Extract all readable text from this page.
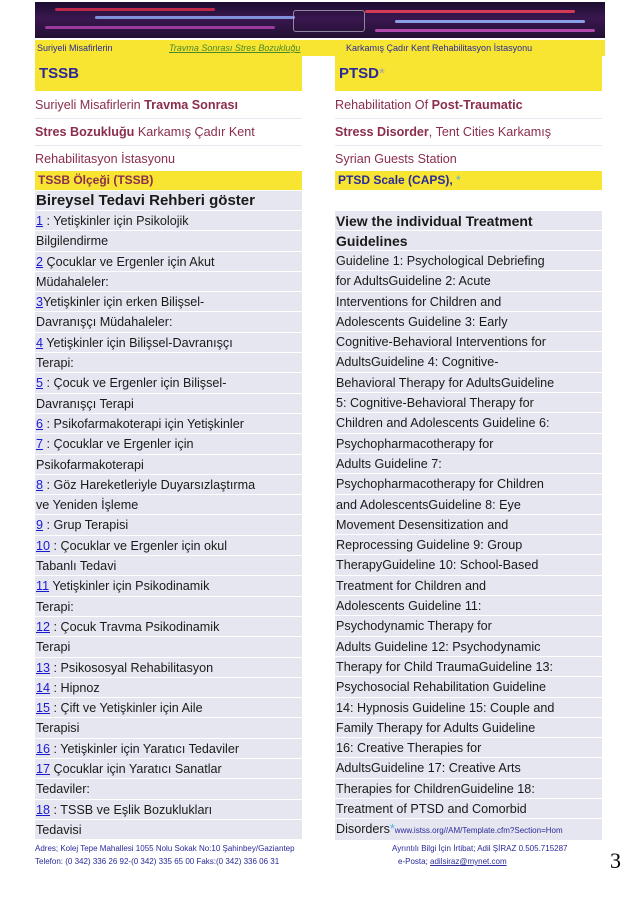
Suriyeli Misafirlerin	Travma Sonrası Stres Bozukluğu	Karkamış Çadır Kent Rehabilitasyon İstasyonu
TSSB
Suriyeli Misafirlerin Travma Sonrası
Stres Bozukluğu Karkamış Çadır Kent
Rehabilitasyon İstasyonu
TSSB Ölçeği (TSSB)
Bireysel Tedavi Rehberi göster
1 : Yetişkinler için Psikolojik
Bilgilendirme
2 Çocuklar ve Ergenler için Akut
Müdahaleler:
3Yetişkinler için erken Bilişsel-
Davranışçı Müdahaleler:
4 Yetişkinler için Bilişsel-Davranışçı
Terapi:
5 : Çocuk ve Ergenler için Bilişsel-
Davranışçı Terapi
6 : Psikofarmakoterapi için Yetişkinler
7 : Çocuklar ve Ergenler için
Psikofarmakoterapi
8 : Göz Hareketleriyle Duyarsızlaştırma
ve Yeniden İşleme
9 : Grup Terapisi
10 : Çocuklar ve Ergenler için okul
Tabanlı Tedavi
11 Yetişkinler için Psikodinamik
Terapi:
12 : Çocuk Travma Psikodinamik
Terapi
13 : Psikososyal Rehabilitasyon
14 : Hipnoz
15 : Çift ve Yetişkinler için Aile
Terapisi
16 : Yetişkinler için Yaratıcı Tedaviler
17 Çocuklar için Yaratıcı Sanatlar
Tedaviler:
18 : TSSB ve Eşlik Bozuklukları
Tedavisi
PTSD*
Rehabilitation Of Post-Traumatic
Stress Disorder, Tent Cities Karkamış
Syrian Guests Station
PTSD Scale (CAPS), *
View the individual Treatment
Guidelines
Guideline 1: Psychological Debriefing
for AdultsGuideline 2: Acute
Interventions for Children and
Adolescents Guideline 3: Early
Cognitive-Behavioral Interventions for
AdultsGuideline 4: Cognitive-
Behavioral Therapy for AdultsGuideline
5: Cognitive-Behavioral Therapy for
Children and Adolescents Guideline 6:
Psychopharmacotherapy for
Adults Guideline 7:
Psychopharmacotherapy for Children
and AdolescentsGuideline 8: Eye
Movement Desensitization and
Reprocessing Guideline 9: Group
TherapyGuideline 10: School-Based
Treatment for Children and
Adolescents Guideline 11:
Psychodynamic Therapy for
Adults Guideline 12: Psychodynamic
Therapy for Child TraumaGuideline 13:
Psychosocial Rehabilitation Guideline
14: Hypnosis Guideline 15: Couple and
Family Therapy for Adults Guideline
16: Creative Therapies for
AdultsGuideline 17: Creative Arts
Therapies for ChildrenGuideline 18:
Treatment of PTSD and Comorbid
Disorders*www.istss.org//AM/Template.cfm?Section=Hom
Adres; Kolej Tepe Mahallesi 1055 Nolu Sokak No:10 Şahinbey/Gaziantep
Telefon: (0 342) 336 26 92-(0 342) 335 65 00 Faks:(0 342) 336 06 31
Ayrıntılı Bilgi İçin İrtibat; Adil ŞİRAZ 0.505.715287
e-Posta; adilsiraz@mynet.com	3
